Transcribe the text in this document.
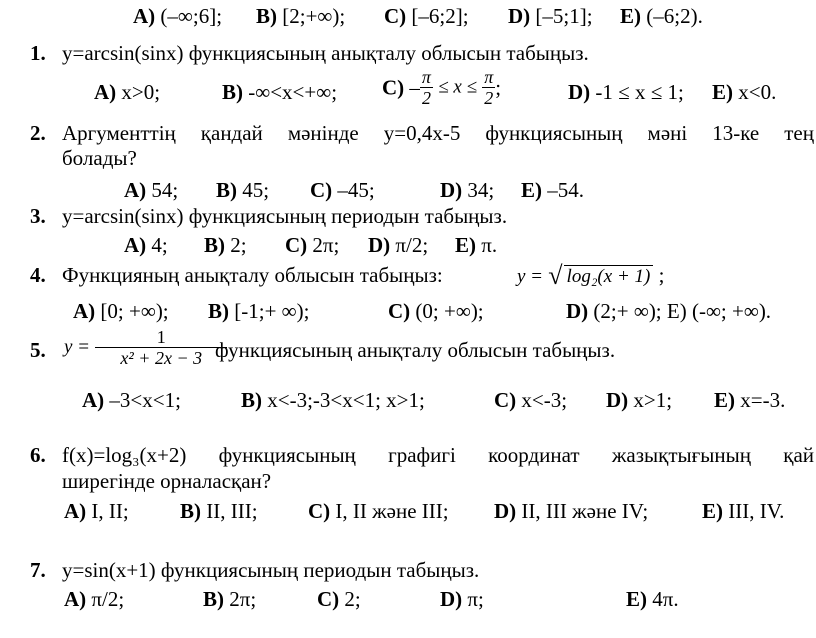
A) (–∞;6]; B) [2;+∞); C) [–6;2]; D) [–5;1]; E) (–6;2).
1. y=arcsin(sinx) функциясының анықталу облысын табыңыз.
A) x>0;	B) -∞<x<+∞; $C) - \frac{\pi}{2} \le x \le \frac{\pi}{2}$ ;	D) -1 ≤ x ≤ 1; E) x<0.
2. Аргументтің қандай мәнінде у=0,4x-5 функциясының мәні 13-ке тең
болады?
A) 54; B) 45; C) –45;	D) 34; E) –54.
3. y=arcsin(sinx) функциясының периодын табыңыз.
A) 4; B) 2; C) 2π; D) π/2; E) π.
4. Функцияның анықталу облысын табыңыз:	y = √ log₂(x + 1) ;
A) [0; +∞); B) [-1;+ ∞);	C) (0; +∞);	D) (2;+ ∞); E) (-∞; +∞).
5. $y = \frac{1}{\text{x² + 2x − 3}}$
функциясының анықталу облысын табыңыз.
A) –3<x<1;	B) x<-3;-3<x<1; x>1;	C) x<-3; D) x>1; E) x=-3.
6. f(x)=log₃(x+2) функциясының графигі координат жазықтығының қай
ширегінде орналасқан?
A) I, II; B) II, III; C) I, II және III; D) II, III және IV;	E) III, IV.
7. y=sin(x+1) функциясының периодын табыңыз.
A) π/2;	B) 2π;	C) 2;	D) π;	E) 4π.
